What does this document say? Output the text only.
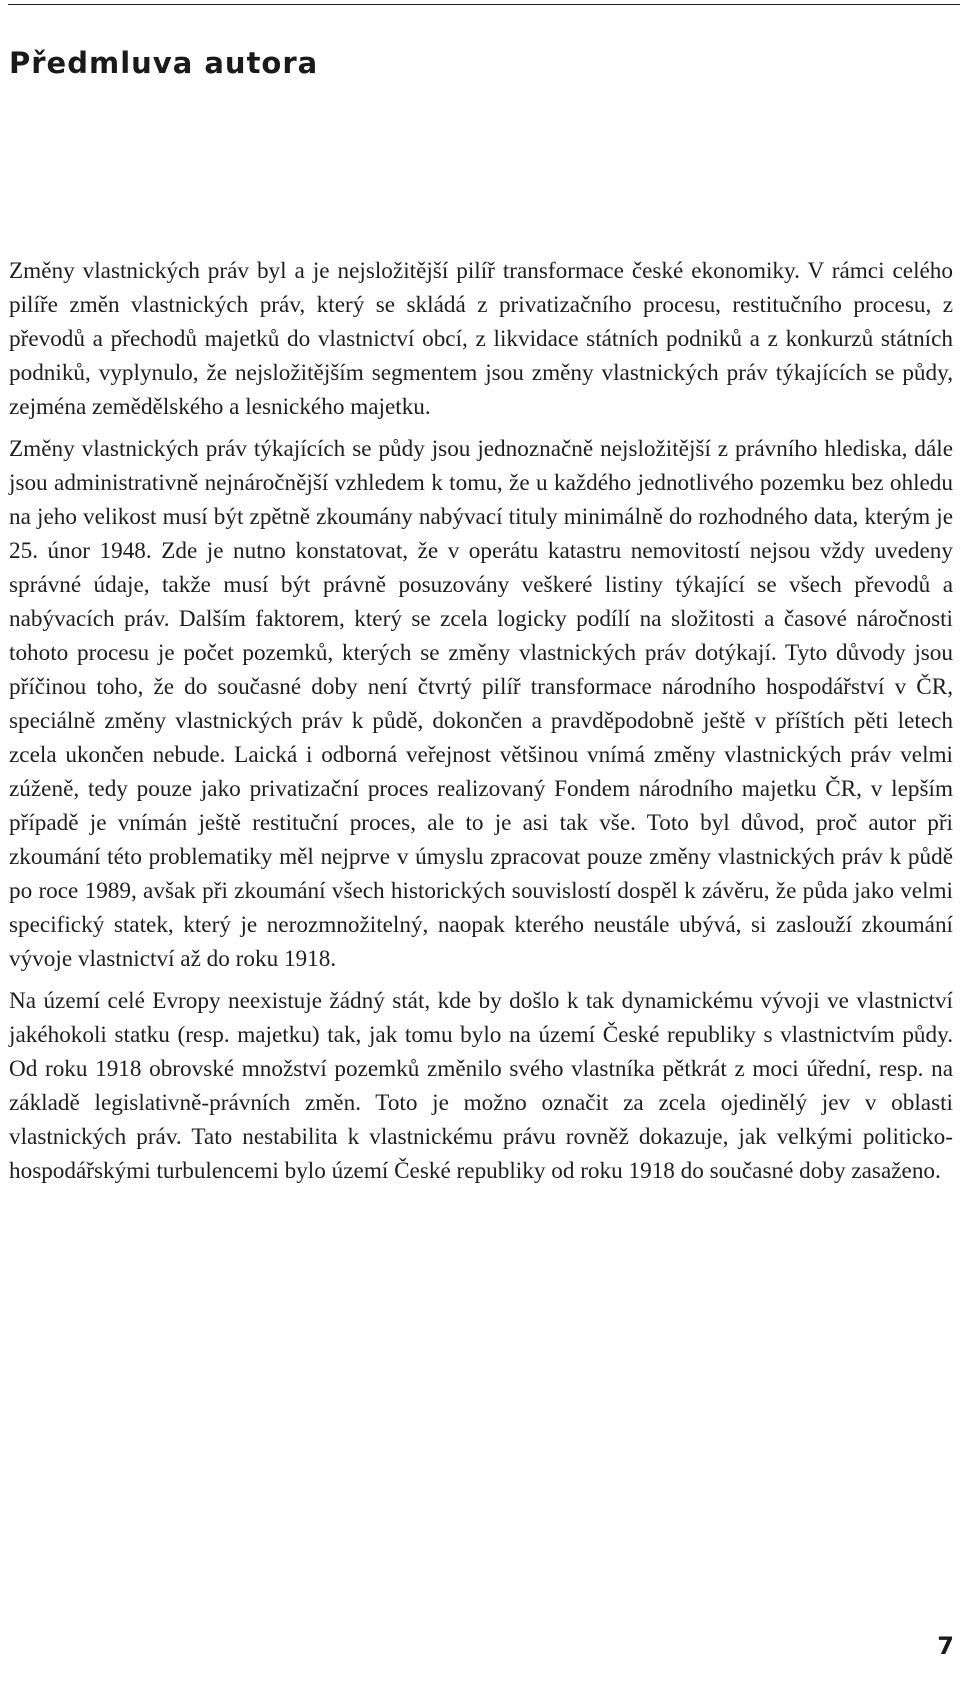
Předmluva autora

Změny vlastnických práv byl a je nejsložitější pilíř transformace české ekonomiky. V rámci celého pilíře změn vlastnických práv, který se skládá z privatizačního procesu, restitučního procesu, z převodů a přechodů majetků do vlastnictví obcí, z likvidace státních podniků a z konkurzů státních podniků, vyplynulo, že nejsložitějším segmentem jsou změny vlastnických práv týkajících se půdy, zejména zemědělského a lesnického majetku.

Změny vlastnických práv týkajících se půdy jsou jednoznačně nejsložitější z právního hlediska, dále jsou administrativně nejnáročnější vzhledem k tomu, že u každého jednotlivého pozemku bez ohledu na jeho velikost musí být zpětně zkoumány nabývací tituly minimálně do rozhodného data, kterým je 25. únor 1948. Zde je nutno konstatovat, že v operátu katastru nemovitostí nejsou vždy uvedeny správné údaje, takže musí být právně posuzovány veškeré listiny týkající se všech převodů a nabývacích práv. Dalším faktorem, který se zcela logicky podílí na složitosti a časové náročnosti tohoto procesu je počet pozemků, kterých se změny vlastnických práv dotýkají. Tyto důvody jsou příčinou toho, že do současné doby není čtvrtý pilíř transformace národního hospodářství v ČR, speciálně změny vlastnických práv k půdě, dokončen a pravděpodobně ještě v příštích pěti letech zcela ukončen nebude. Laická i odborná veřejnost většinou vnímá změny vlastnických práv velmi zúženě, tedy pouze jako privatizační proces realizovaný Fondem národního majetku ČR, v lepším případě je vnímán ještě restituční proces, ale to je asi tak vše. Toto byl důvod, proč autor při zkoumání této problematiky měl nejprve v úmyslu zpracovat pouze změny vlastnických práv k půdě po roce 1989, avšak při zkoumání všech historických souvislostí dospěl k závěru, že půda jako velmi specifický statek, který je nerozmnožitelný, naopak kterého neustále ubývá, si zaslouží zkoumání vývoje vlastnictví až do roku 1918.

Na území celé Evropy neexistuje žádný stát, kde by došlo k tak dynamickému vývoji ve vlastnictví jakéhokoli statku (resp. majetku) tak, jak tomu bylo na území České republiky s vlastnictvím půdy. Od roku 1918 obrovské množství pozemků změnilo svého vlastníka pětkrát z moci úřední, resp. na základě legislativně-právních změn. Toto je možno označit za zcela ojedinělý jev v oblasti vlastnických práv. Tato nestabilita k vlastnickému právu rovněž dokazuje, jak velkými politicko-hospodářskými turbulencemi bylo území České republiky od roku 1918 do současné doby zasaženo.

7
